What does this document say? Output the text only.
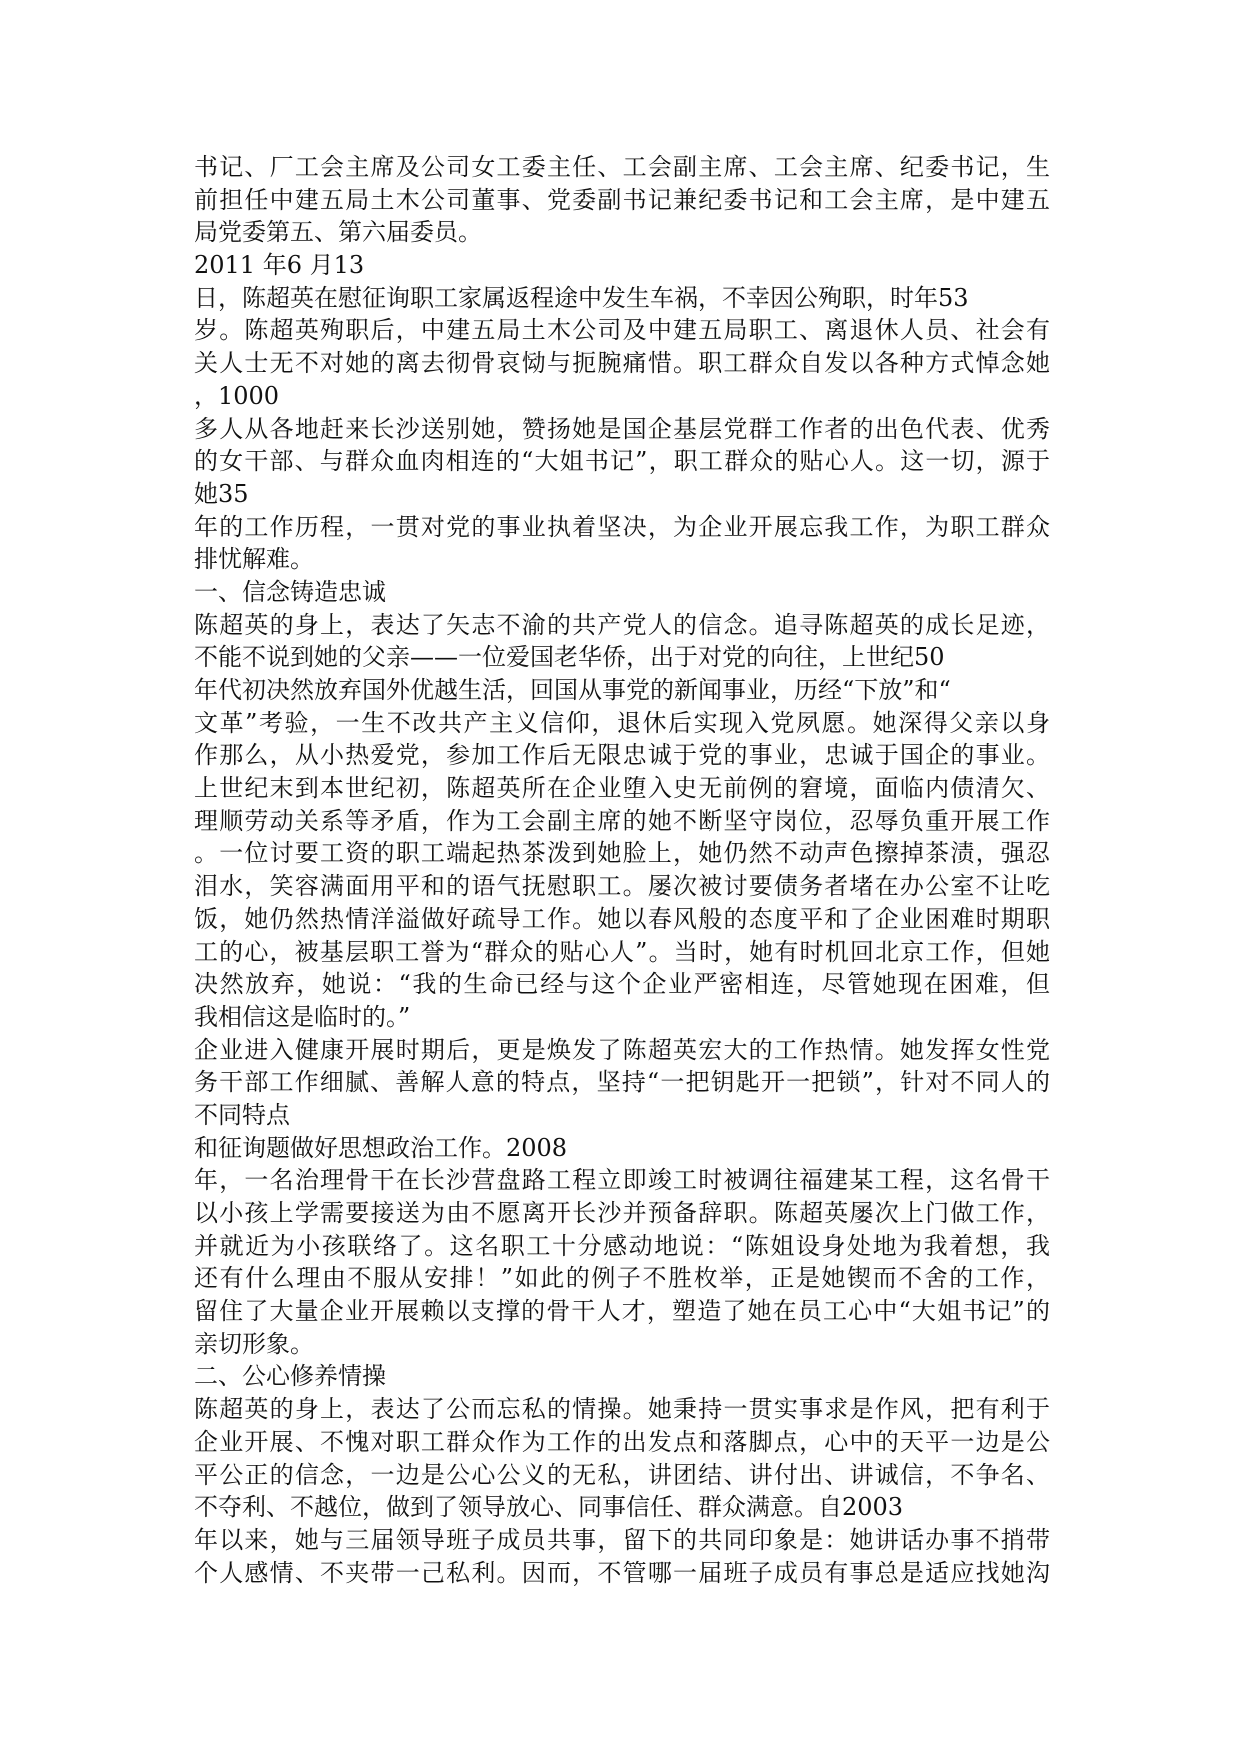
书记、厂工会主席及公司女工委主任、工会副主席、工会主席、纪委书记，生
前担任中建五局土木公司董事、党委副书记兼纪委书记和工会主席，是中建五
局党委第五、第六届委员。
2011 年6 月13
日，陈超英在慰征询职工家属返程途中发生车祸，不幸因公殉职，时年53
岁。陈超英殉职后，中建五局土木公司及中建五局职工、离退休人员、社会有
关人士无不对她的离去彻骨哀恸与扼腕痛惜。职工群众自发以各种方式悼念她
，1000
多人从各地赶来长沙送别她，赞扬她是国企基层党群工作者的出色代表、优秀
的女干部、与群众血肉相连的“大姐书记”，职工群众的贴心人。这一切，源于
她35
年的工作历程，一贯对党的事业执着坚决，为企业开展忘我工作，为职工群众
排忧解难。
一、信念铸造忠诚
陈超英的身上，表达了矢志不渝的共产党人的信念。追寻陈超英的成长足迹，
不能不说到她的父亲——一位爱国老华侨，出于对党的向往，上世纪50
年代初决然放弃国外优越生活，回国从事党的新闻事业，历经“下放”和“
文革”考验，一生不改共产主义信仰，退休后实现入党夙愿。她深得父亲以身
作那么，从小热爱党，参加工作后无限忠诚于党的事业，忠诚于国企的事业。
上世纪末到本世纪初，陈超英所在企业堕入史无前例的窘境，面临内债清欠、
理顺劳动关系等矛盾，作为工会副主席的她不断坚守岗位，忍辱负重开展工作
。一位讨要工资的职工端起热茶泼到她脸上，她仍然不动声色擦掉茶渍，强忍
泪水，笑容满面用平和的语气抚慰职工。屡次被讨要债务者堵在办公室不让吃
饭，她仍然热情洋溢做好疏导工作。她以春风般的态度平和了企业困难时期职
工的心，被基层职工誉为“群众的贴心人”。当时，她有时机回北京工作，但她
决然放弃，她说：“我的生命已经与这个企业严密相连，尽管她现在困难，但
我相信这是临时的。”
企业进入健康开展时期后，更是焕发了陈超英宏大的工作热情。她发挥女性党
务干部工作细腻、善解人意的特点，坚持“一把钥匙开一把锁”，针对不同人的
不同特点
和征询题做好思想政治工作。2008
年，一名治理骨干在长沙营盘路工程立即竣工时被调往福建某工程，这名骨干
以小孩上学需要接送为由不愿离开长沙并预备辞职。陈超英屡次上门做工作，
并就近为小孩联络了。这名职工十分感动地说：“陈姐设身处地为我着想，我
还有什么理由不服从安排！”如此的例子不胜枚举，正是她锲而不舍的工作，
留住了大量企业开展赖以支撑的骨干人才，塑造了她在员工心中“大姐书记”的
亲切形象。
二、公心修养情操
陈超英的身上，表达了公而忘私的情操。她秉持一贯实事求是作风，把有利于
企业开展、不愧对职工群众作为工作的出发点和落脚点，心中的天平一边是公
平公正的信念，一边是公心公义的无私，讲团结、讲付出、讲诚信，不争名、
不夺利、不越位，做到了领导放心、同事信任、群众满意。自2003
年以来，她与三届领导班子成员共事，留下的共同印象是：她讲话办事不捎带
个人感情、不夹带一己私利。因而，不管哪一届班子成员有事总是适应找她沟
